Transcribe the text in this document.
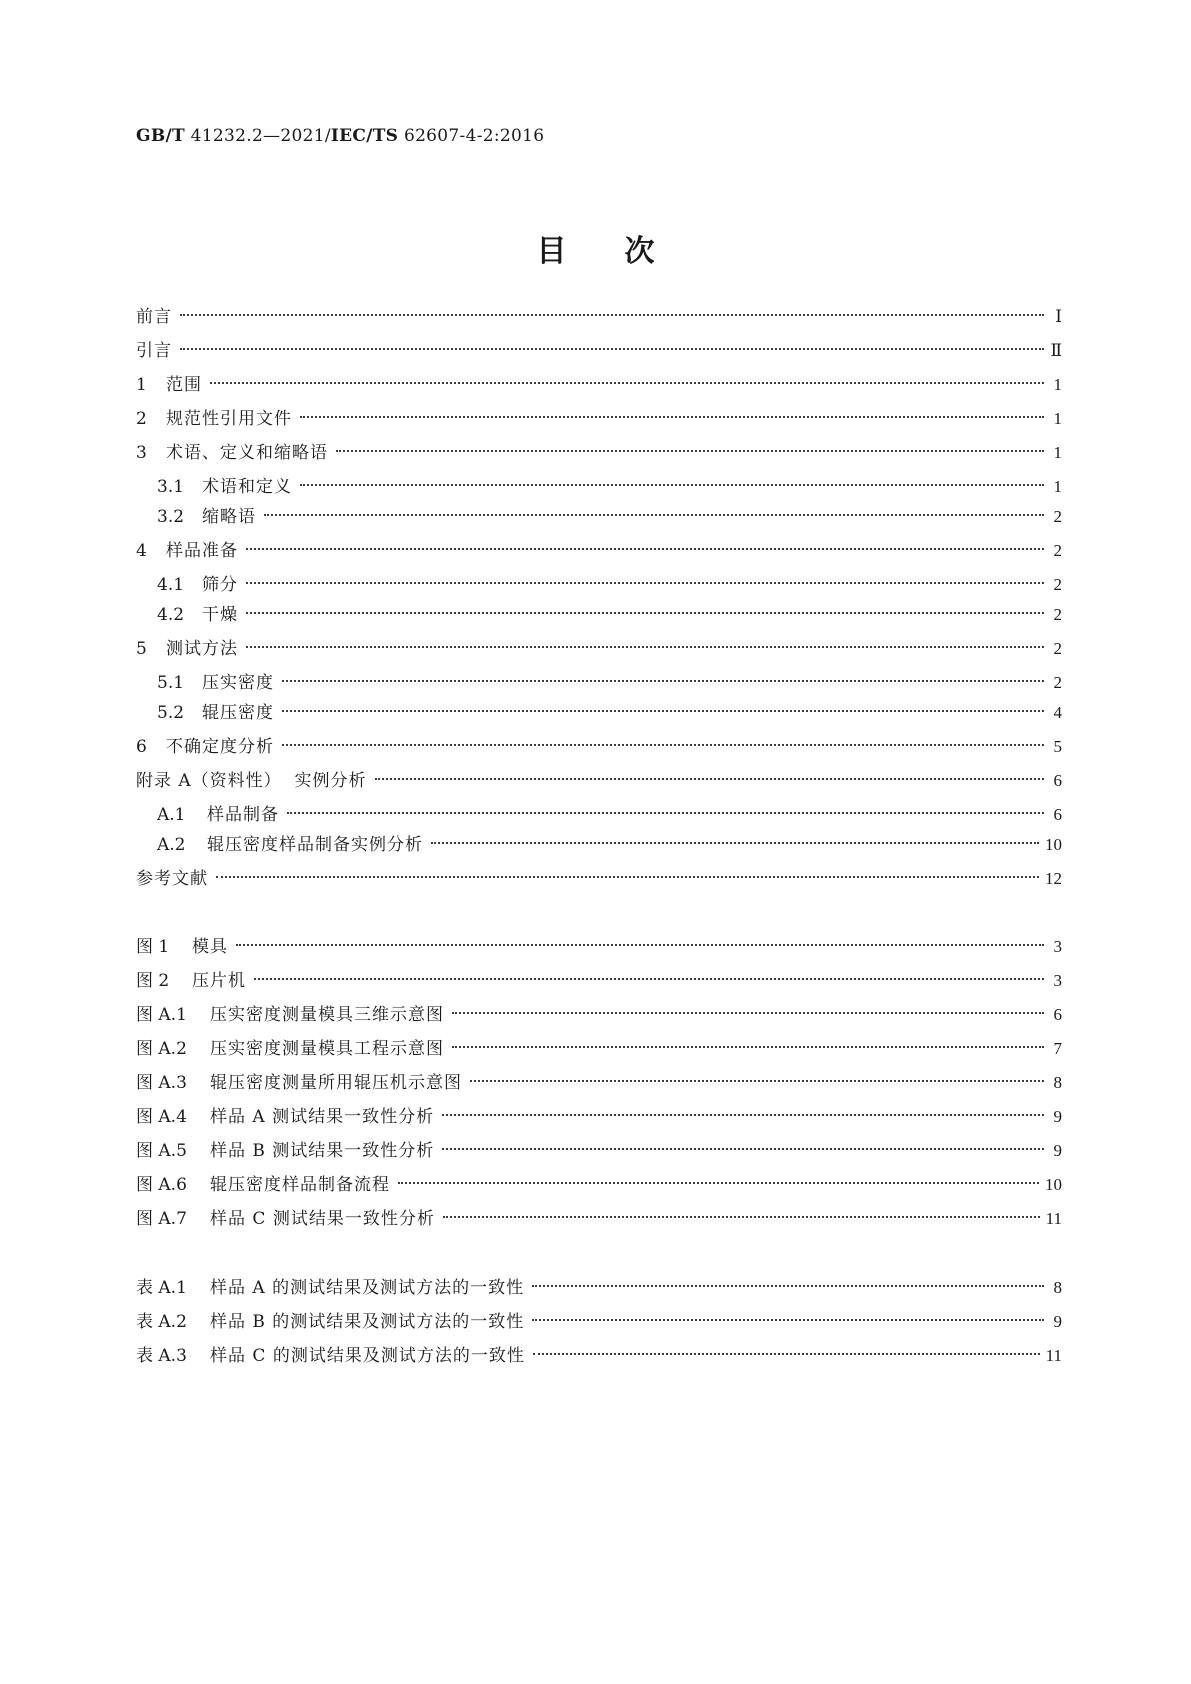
GB/T 41232.2—2021/IEC/TS 62607-4-2:2016
目次
前言	Ⅰ
引言	Ⅱ
1	范围	1
2	规范性引用文件	1
3	术语、定义和缩略语	1
3.1	术语和定义	1
3.2	缩略语	2
4	样品准备	2
4.1	筛分	2
4.2	干燥	2
5	测试方法	2
5.1	压实密度	2
5.2	辊压密度	4
6	不确定度分析	5
附录 A（资料性）  实例分析	6
A.1	样品制备	6
A.2	辊压密度样品制备实例分析	10
参考文献	12
图 1	模具	3
图 2	压片机	3
图 A.1	压实密度测量模具三维示意图	6
图 A.2	压实密度测量模具工程示意图	7
图 A.3	辊压密度测量所用辊压机示意图	8
图 A.4	样品 A 测试结果一致性分析	9
图 A.5	样品 B 测试结果一致性分析	9
图 A.6	辊压密度样品制备流程	10
图 A.7	样品 C 测试结果一致性分析	11
表 A.1	样品 A 的测试结果及测试方法的一致性	8
表 A.2	样品 B 的测试结果及测试方法的一致性	9
表 A.3	样品 C 的测试结果及测试方法的一致性	11
